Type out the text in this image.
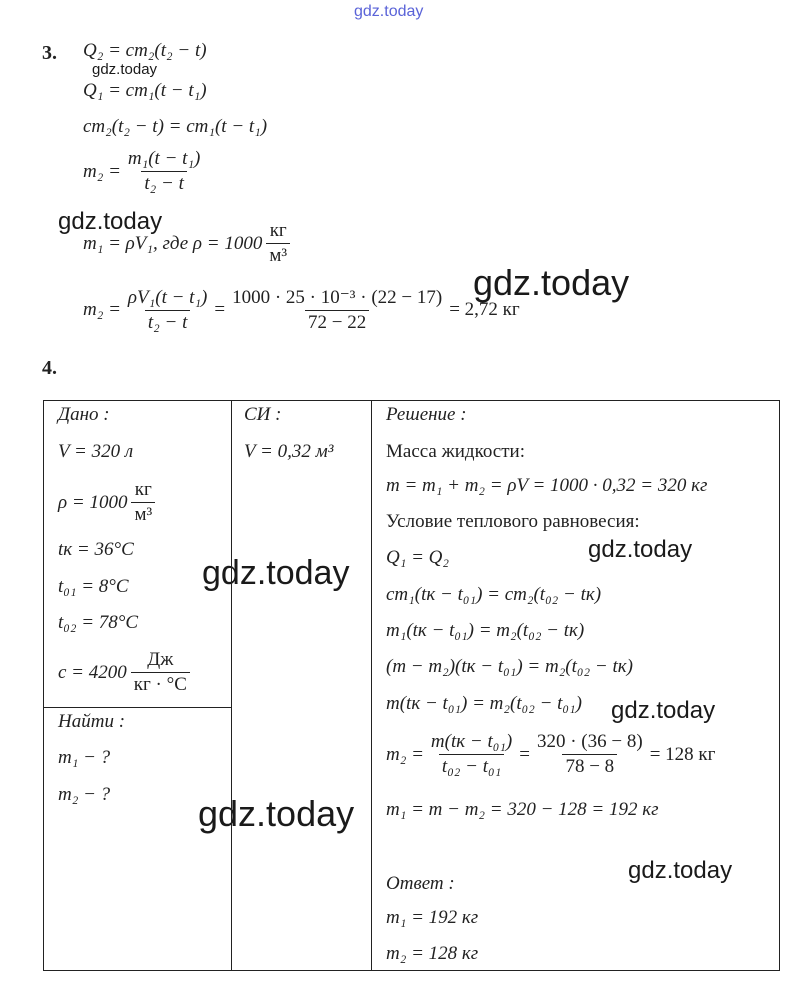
gdz.today
gdz.today
gdz.today
gdz.today
gdz.today
gdz.today
gdz.today
gdz.today
gdz.today
3. Q₂ = cm₂(t₂ − t)
Q₁ = cm₁(t − t₁)
cm₂(t₂ − t) = cm₁(t − t₁)
$m_2 = \frac{\text{m₁(t − t₁)}}{\text{t₂ − t}}$
m₁ = ρV₁, где $\rho = 1000 \frac{кг}{\text{м³}}$
$m_2 = \frac{\text{ρV₁(t − t₁)}}{\text{t₂ − t}} = \frac{\text{1000 · 25 · 10⁻³ · (22 − 17)}}{72 - 22} = 2,72$ кг
4.
Дано :
V = 320 л
$\rho = 1000 \frac{кг}{\text{м³}}$
tк = 36°C
t₀₁ = 8°C
t₀₂ = 78°C
$c = 4200 \frac{Дж}{кг \cdot ^\circ C}$
Найти :
m₁ − ?
m₂ − ?
СИ :
V = 0,32 м³
Решение :
Масса жидкости:
m = m₁ + m₂ = ρV = 1000 · 0,32 = 320 кг
Условие теплового равновесия:
Q₁ = Q₂
cm₁(tк − t₀₁) = cm₂(t₀₂ − tк)
m₁(tк − t₀₁) = m₂(t₀₂ − tк)
(m − m₂)(tк − t₀₁) = m₂(t₀₂ − tк)
m(tк − t₀₁) = m₂(t₀₂ − t₀₁)
$m_2 = \frac{\text{m(tк − t₀₁)}}{\text{t₀₂ − t₀₁}} = \frac{320 \cdot (36 - 8)}{78 - 8} = 128$ кг
m₁ = m − m₂ = 320 − 128 = 192 кг
Ответ :
m₁ = 192 кг
m₂ = 128 кг
